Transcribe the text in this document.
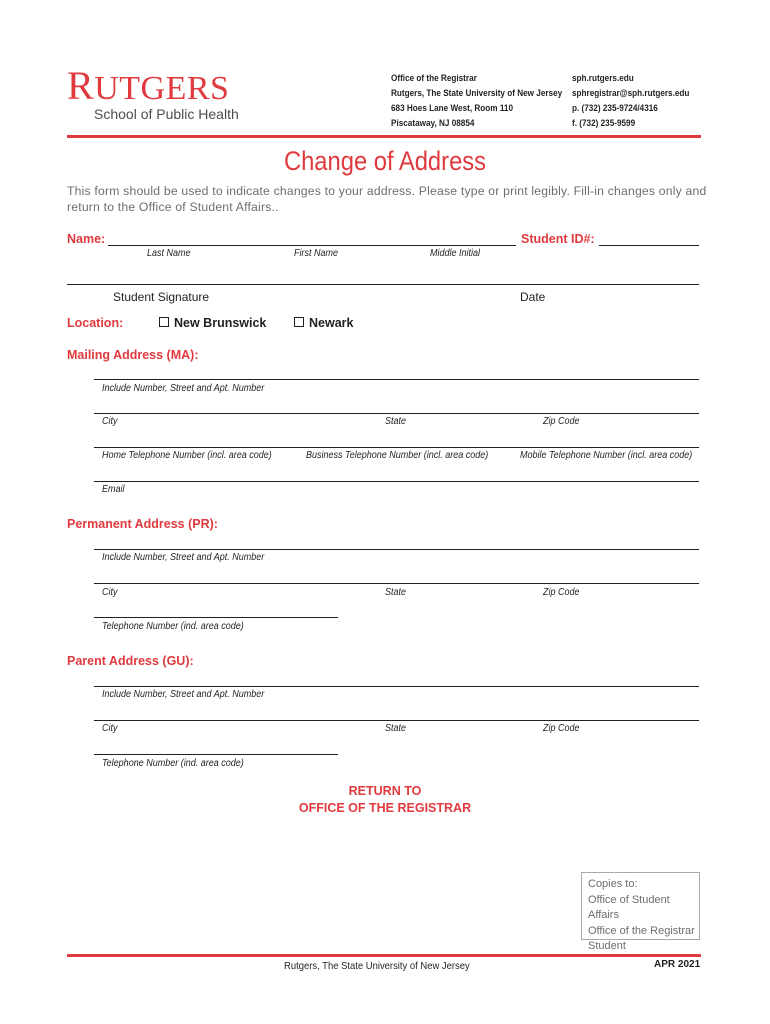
RUTGERS
School of Public Health
Office of the Registrar
Rutgers, The State University of New Jersey
683 Hoes Lane West, Room 110
Piscataway, NJ 08854
sph.rutgers.edu
sphregistrar@sph.rutgers.edu
p. (732) 235-9724/4316
f. (732) 235-9599
Change of Address
This form should be used to indicate changes to your address. Please type or print legibly. Fill-in changes only and return to the Office of Student Affairs..
Name:	Student ID#:
Last Name	First Name	Middle Initial
Student Signature	Date
Location:	New Brunswick	Newark
Mailing Address (MA):
Include Number, Street and Apt. Number
City	State	Zip Code
Home Telephone Number (incl. area code)	Business Telephone Number (incl. area code)	Mobile Telephone Number (incl. area code)
Email
Permanent Address (PR):
Include Number, Street and Apt. Number
City	State	Zip Code
Telephone Number (ind. area code)
Parent Address (GU):
Include Number, Street and Apt. Number
City	State	Zip Code
Telephone Number (ind. area code)
RETURN TO
OFFICE OF THE REGISTRAR
Copies to:
Office of Student Affairs
Office of the Registrar
Student
Rutgers, The State University of New Jersey	APR 2021
